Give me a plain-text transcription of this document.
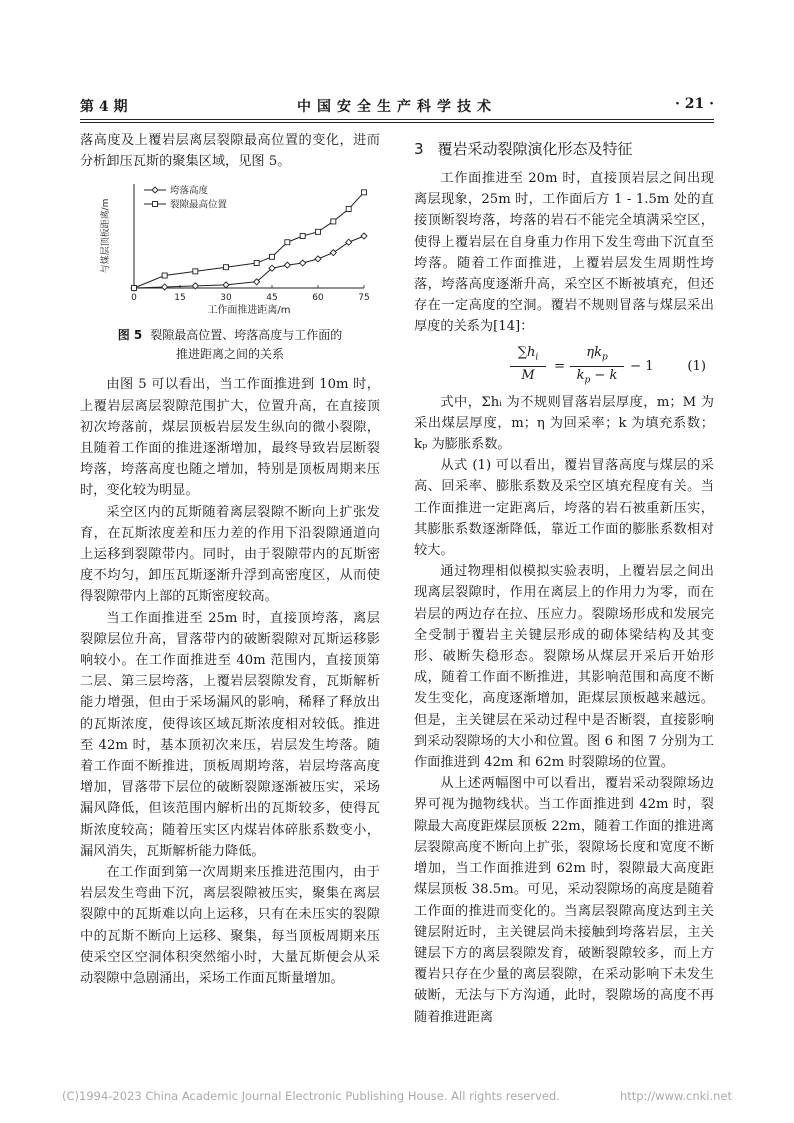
第 4 期	中国安全生产科学技术	· 21 ·

落高度及上覆岩层离层裂隙最高位置的变化，进而分析卸压瓦斯的聚集区域，见图 5。

0	15	30	45	60	75
工作面推进距离/m
与煤层顶板距离/m
垮落高度
裂隙最高位置
图 5 裂隙最高位置、垮落高度与工作面的
推进距离之间的关系

由图 5 可以看出，当工作面推进到 10m 时，上覆岩层离层裂隙范围扩大，位置升高，在直接顶初次垮落前，煤层顶板岩层发生纵向的微小裂隙，且随着工作面的推进逐渐增加，最终导致岩层断裂垮落，垮落高度也随之增加，特别是顶板周期来压时，变化较为明显。

采空区内的瓦斯随着离层裂隙不断向上扩张发育，在瓦斯浓度差和压力差的作用下沿裂隙通道向上运移到裂隙带内。同时，由于裂隙带内的瓦斯密度不均匀，卸压瓦斯逐渐升浮到高密度区，从而使得裂隙带内上部的瓦斯密度较高。

当工作面推进至 25m 时，直接顶垮落，离层裂隙层位升高，冒落带内的破断裂隙对瓦斯运移影响较小。在工作面推进至 40m 范围内，直接顶第二层、第三层垮落，上覆岩层裂隙发育，瓦斯解析能力增强，但由于采场漏风的影响，稀释了释放出的瓦斯浓度，使得该区域瓦斯浓度相对较低。推进至 42m 时，基本顶初次来压，岩层发生垮落。随着工作面不断推进，顶板周期垮落，岩层垮落高度增加，冒落带下层位的破断裂隙逐渐被压实，采场漏风降低，但该范围内解析出的瓦斯较多，使得瓦斯浓度较高；随着压实区内煤岩体碎胀系数变小，漏风消失，瓦斯解析能力降低。

在工作面到第一次周期来压推进范围内，由于岩层发生弯曲下沉，离层裂隙被压实，聚集在离层裂隙中的瓦斯难以向上运移，只有在未压实的裂隙中的瓦斯不断向上运移、聚集，每当顶板周期来压使采空区空洞体积突然缩小时，大量瓦斯便会从采动裂隙中急剧涌出，采场工作面瓦斯量增加。

3 覆岩采动裂隙演化形态及特征

工作面推进至 20m 时，直接顶岩层之间出现离层现象，25m 时，工作面后方 1 - 1.5m 处的直接顶断裂垮落，垮落的岩石不能完全填满采空区，使得上覆岩层在自身重力作用下发生弯曲下沉直至垮落。随着工作面推进，上覆岩层发生周期性垮落，垮落高度逐渐升高，采空区不断被填充，但还存在一定高度的空洞。覆岩不规则冒落与煤层采出厚度的关系为[14]：

$\frac{\sum h_i}{M}$ =
$\eta k_p$
$k_p - k$
− 1	(1)

式中，Σhᵢ 为不规则冒落岩层厚度，m；M 为采出煤层厚度，m；η 为回采率；k 为填充系数；kₚ 为膨胀系数。

从式 (1) 可以看出，覆岩冒落高度与煤层的采高、回采率、膨胀系数及采空区填充程度有关。当工作面推进一定距离后，垮落的岩石被重新压实，其膨胀系数逐渐降低，靠近工作面的膨胀系数相对较大。

通过物理相似模拟实验表明，上覆岩层之间出现离层裂隙时，作用在离层上的作用力为零，而在岩层的两边存在拉、压应力。裂隙场形成和发展完全受制于覆岩主关键层形成的砌体梁结构及其变形、破断失稳形态。裂隙场从煤层开采后开始形成，随着工作面不断推进，其影响范围和高度不断发生变化，高度逐渐增加，距煤层顶板越来越远。但是，主关键层在采动过程中是否断裂，直接影响到采动裂隙场的大小和位置。图 6 和图 7 分别为工作面推进到 42m 和 62m 时裂隙场的位置。

从上述两幅图中可以看出，覆岩采动裂隙场边界可视为抛物线状。当工作面推进到 42m 时，裂隙最大高度距煤层顶板 22m，随着工作面的推进离层裂隙高度不断向上扩张，裂隙场长度和宽度不断增加，当工作面推进到 62m 时，裂隙最大高度距煤层顶板 38.5m。可见，采动裂隙场的高度是随着工作面的推进而变化的。当离层裂隙高度达到主关键层附近时，主关键层尚未接触到垮落岩层，主关键层下方的离层裂隙发育，破断裂隙较多，而上方覆岩只存在少量的离层裂隙，在采动影响下未发生破断，无法与下方沟通，此时，裂隙场的高度不再随着推进距离

(C)1994-2023 China Academic Journal Electronic Publishing House. All rights reserved.	http://www.cnki.net
